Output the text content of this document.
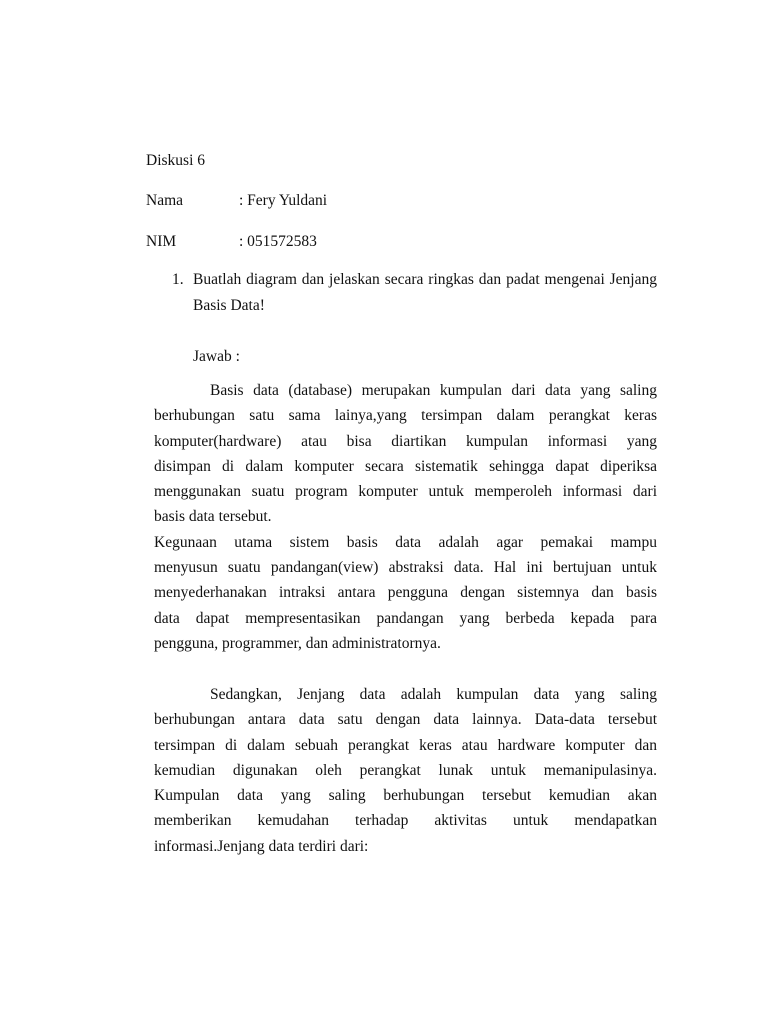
Diskusi 6
Nama	: Fery Yuldani
NIM	: 051572583
1. Buatlah diagram dan jelaskan secara ringkas dan padat mengenai Jenjang
Basis Data!
Jawab :
Basis data (database) merupakan kumpulan dari data yang saling
berhubungan satu sama lainya,yang tersimpan dalam perangkat keras
komputer(hardware) atau bisa diartikan kumpulan informasi yang
disimpan di dalam komputer secara sistematik sehingga dapat diperiksa
menggunakan suatu program komputer untuk memperoleh informasi dari
basis data tersebut.
Kegunaan utama sistem basis data adalah agar pemakai mampu
menyusun suatu pandangan(view) abstraksi data. Hal ini bertujuan untuk
menyederhanakan intraksi antara pengguna dengan sistemnya dan basis
data dapat mempresentasikan pandangan yang berbeda kepada para
pengguna, programmer, dan administratornya.
Sedangkan, Jenjang data adalah kumpulan data yang saling
berhubungan antara data satu dengan data lainnya. Data-data tersebut
tersimpan di dalam sebuah perangkat keras atau hardware komputer dan
kemudian digunakan oleh perangkat lunak untuk memanipulasinya.
Kumpulan data yang saling berhubungan tersebut kemudian akan
memberikan kemudahan terhadap aktivitas untuk mendapatkan
informasi.Jenjang data terdiri dari:
